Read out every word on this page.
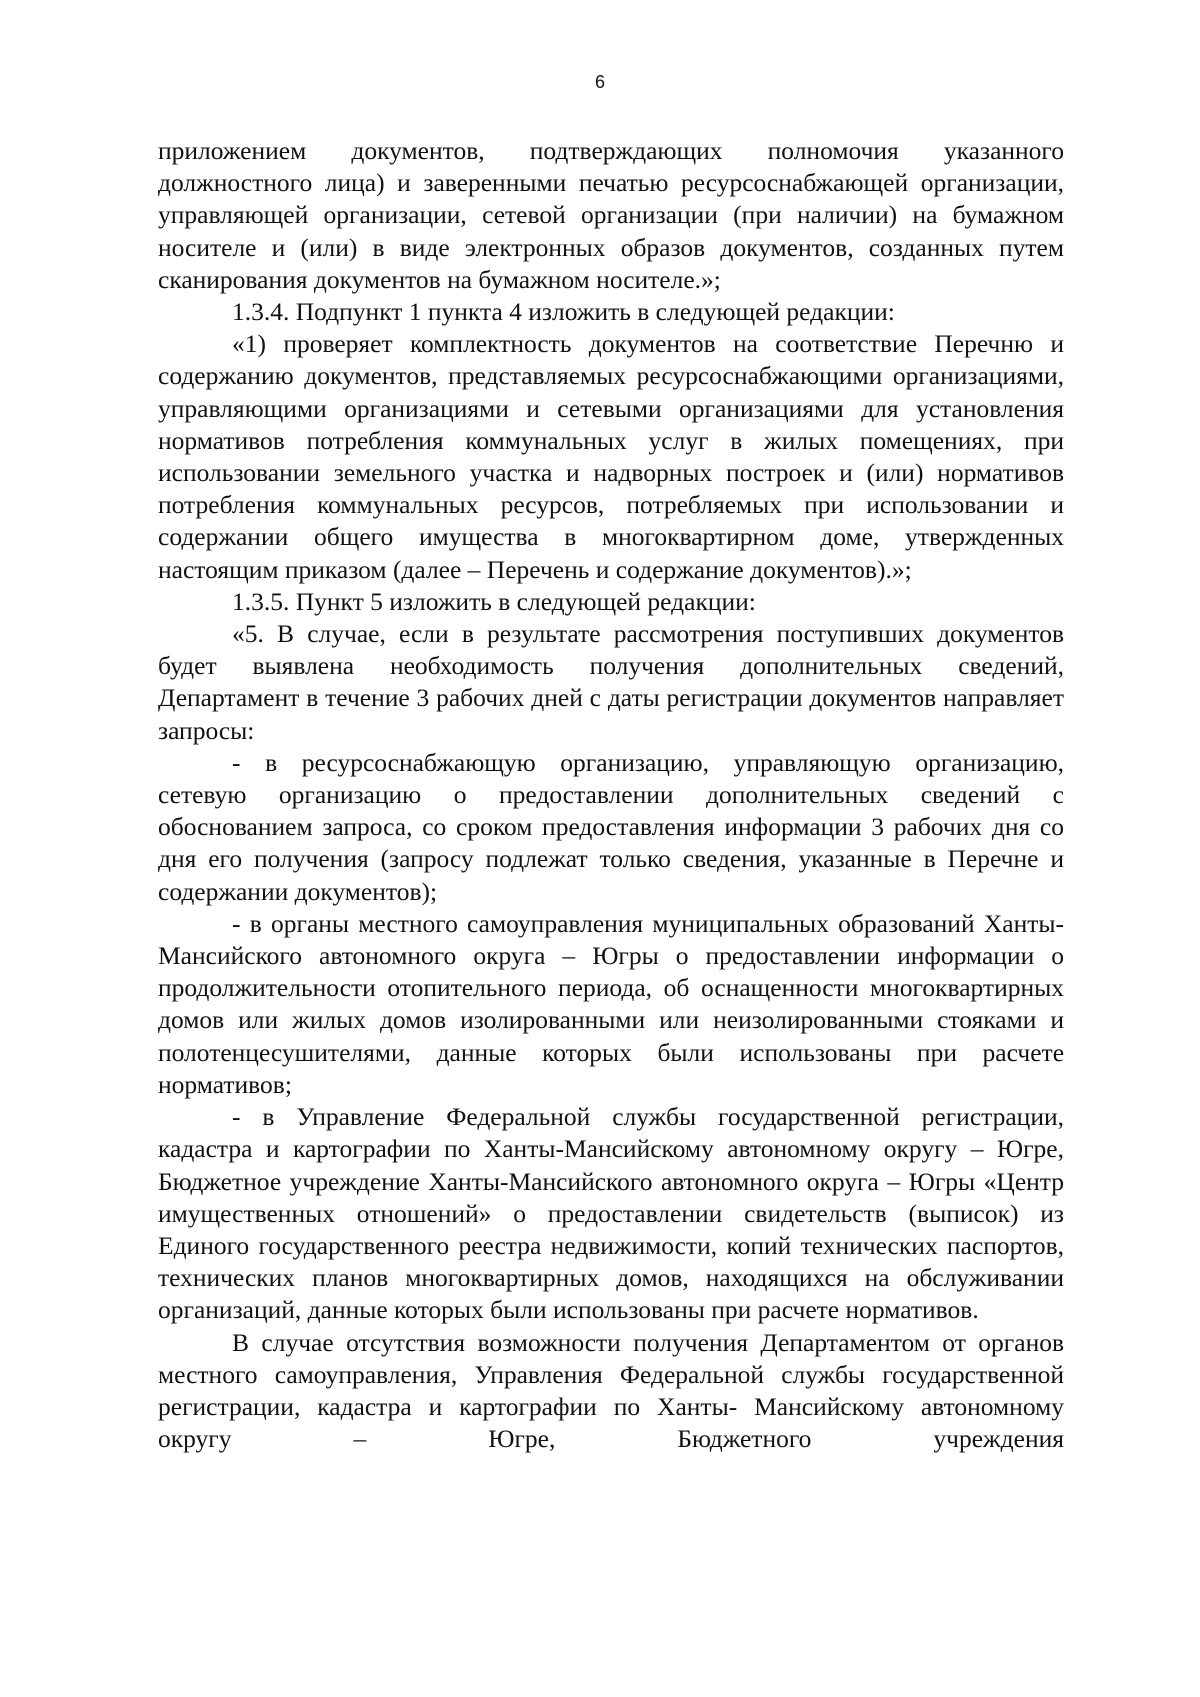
6

приложением документов, подтверждающих полномочия указанного должностного лица) и заверенными печатью ресурсоснабжающей организации, управляющей организации, сетевой организации (при наличии) на бумажном носителе и (или) в виде электронных образов документов, созданных путем сканирования документов на бумажном носителе.»;

1.3.4. Подпункт 1 пункта 4 изложить в следующей редакции:

«1) проверяет комплектность документов на соответствие Перечню и содержанию документов, представляемых ресурсоснабжающими организациями, управляющими организациями и сетевыми организациями для установления нормативов потребления коммунальных услуг в жилых помещениях, при использовании земельного участка и надворных построек и (или) нормативов потребления коммунальных ресурсов, потребляемых при использовании и содержании общего имущества в многоквартирном доме, утвержденных настоящим приказом (далее – Перечень и содержание документов).»;

1.3.5. Пункт 5 изложить в следующей редакции:

«5. В случае, если в результате рассмотрения поступивших документов будет выявлена необходимость получения дополнительных сведений, Департамент в течение 3 рабочих дней с даты регистрации документов направляет запросы:

- в ресурсоснабжающую организацию, управляющую организацию, сетевую организацию о предоставлении дополнительных сведений с обоснованием запроса, со сроком предоставления информации 3 рабочих дня со дня его получения (запросу подлежат только сведения, указанные в Перечне и содержании документов);

- в органы местного самоуправления муниципальных образований Ханты-Мансийского автономного округа – Югры о предоставлении информации о продолжительности отопительного периода, об оснащенности многоквартирных домов или жилых домов изолированными или неизолированными стояками и полотенцесушителями, данные которых были использованы при расчете нормативов;

- в Управление Федеральной службы государственной регистрации, кадастра и картографии по Ханты-Мансийскому автономному округу – Югре, Бюджетное учреждение Ханты-Мансийского автономного округа – Югры «Центр имущественных отношений» о предоставлении свидетельств (выписок) из Единого государственного реестра недвижимости, копий технических паспортов, технических планов многоквартирных домов, находящихся на обслуживании организаций, данные которых были использованы при расчете нормативов.

В случае отсутствия возможности получения Департаментом от органов местного самоуправления, Управления Федеральной службы государственной регистрации, кадастра и картографии по Ханты- Мансийскому автономному округу – Югре, Бюджетного учреждения
